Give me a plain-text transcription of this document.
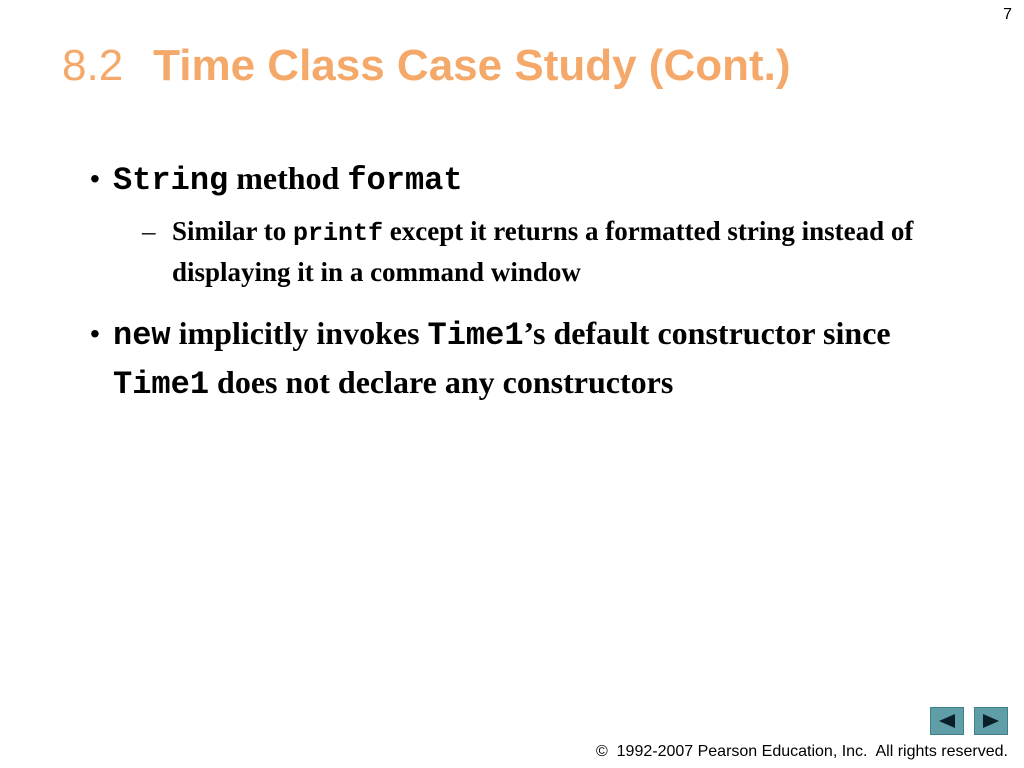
7
8.2 Time Class Case Study (Cont.)
• String method format
– Similar to printf except it returns a formatted string instead of displaying it in a command window
• new implicitly invokes Time1’s default constructor since Time1 does not declare any constructors
©  1992-2007 Pearson Education, Inc.  All rights reserved.
